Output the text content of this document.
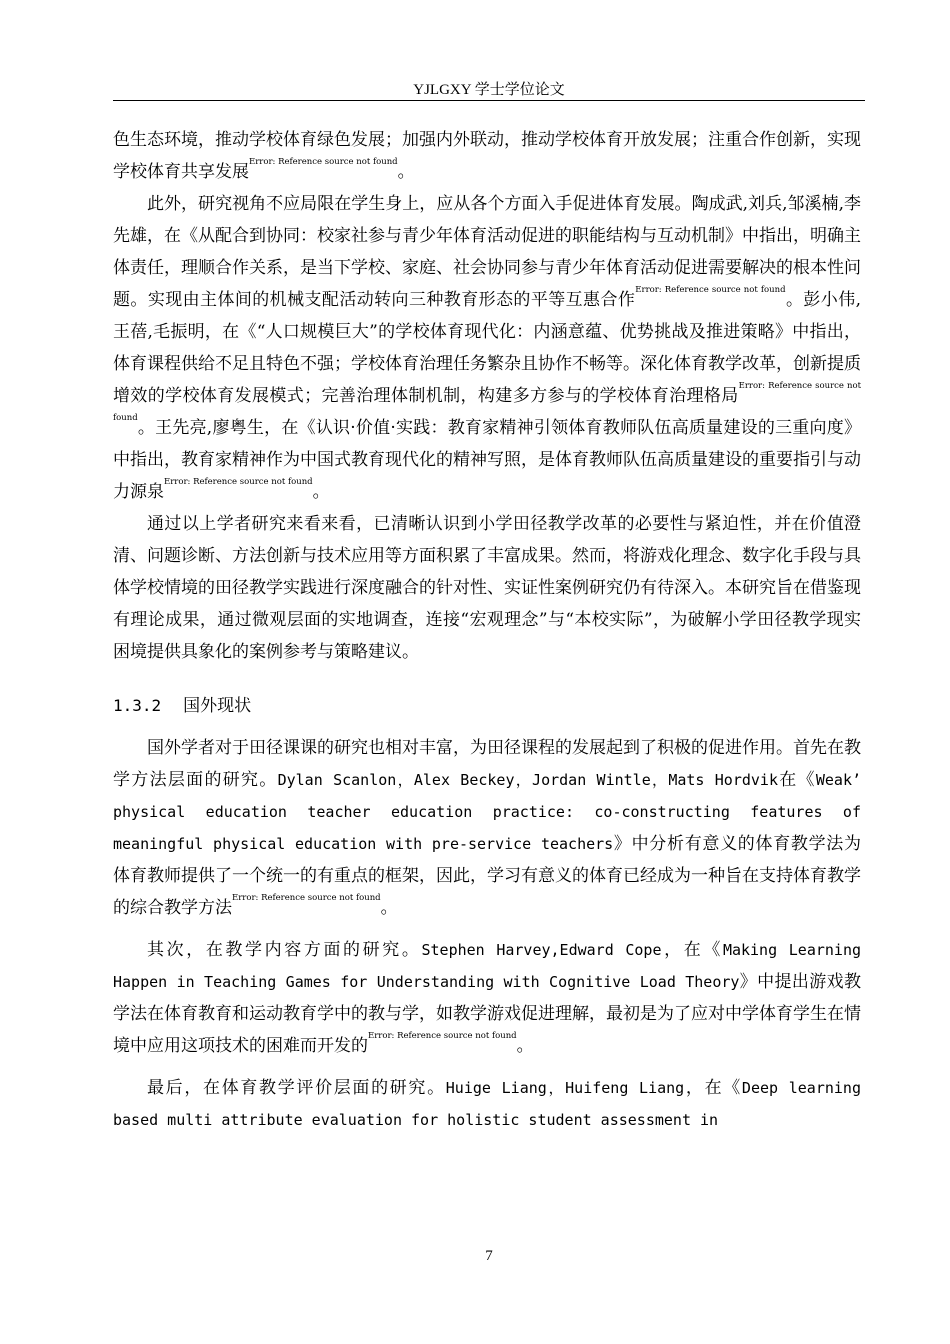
YJLGXY 学士学位论文

色生态环境，推动学校体育绿色发展；加强内外联动，推动学校体育开放发展；注重合作创新，实现学校体育共享发展$^{Error: Reference source not found}$。

此外，研究视角不应局限在学生身上，应从各个方面入手促进体育发展。陶成武,刘兵,邹溪楠,李先雄，在《从配合到协同：校家社参与青少年体育活动促进的职能结构与互动机制》中指出，明确主体责任，理顺合作关系，是当下学校、家庭、社会协同参与青少年体育活动促进需要解决的根本性问题。实现由主体间的机械支配活动转向三种教育形态的平等互惠合作$^{Error: Reference source not found}$。彭小伟,王蓓,毛振明，在《“人口规模巨大”的学校体育现代化：内涵意蕴、优势挑战及推进策略》中指出，体育课程供给不足且特色不强；学校体育治理任务繁杂且协作不畅等。深化体育教学改革，创新提质增效的学校体育发展模式；完善治理体制机制，构建多方参与的学校体育治理格局$^{Error: Reference source not found}$。王先亮,廖粤生，在《认识·价值·实践：教育家精神引领体育教师队伍高质量建设的三重向度》中指出，教育家精神作为中国式教育现代化的精神写照，是体育教师队伍高质量建设的重要指引与动力源泉$^{Error: Reference source not found}$。

通过以上学者研究来看来看，已清晰认识到小学田径教学改革的必要性与紧迫性，并在价值澄清、问题诊断、方法创新与技术应用等方面积累了丰富成果。然而，将游戏化理念、数字化手段与具体学校情境的田径教学实践进行深度融合的针对性、实证性案例研究仍有待深入。本研究旨在借鉴现有理论成果，通过微观层面的实地调查，连接“宏观理念”与“本校实际”，为破解小学田径教学现实困境提供具象化的案例参考与策略建议。

1.3.2 国外现状

国外学者对于田径课课的研究也相对丰富，为田径课程的发展起到了积极的促进作用。首先在教学方法层面的研究。Dylan Scanlon，Alex Beckey，Jordan Wintle，Mats Hordvik在《Weak’ physical education teacher education practice: co-constructing features of meaningful physical education with pre-service teachers》中分析有意义的体育教学法为体育教师提供了一个统一的有重点的框架，因此，学习有意义的体育已经成为一种旨在支持体育教学的综合教学方法$^{Error: Reference source not found}$。

其次，在教学内容方面的研究。Stephen Harvey,Edward Cope，在《Making Learning Happen in Teaching Games for Understanding with Cognitive Load Theory》中提出游戏教学法在体育教育和运动教育学中的教与学，如教学游戏促进理解，最初是为了应对中学体育学生在情境中应用这项技术的困难而开发的$^{Error: Reference source not found}$。

最后，在体育教学评价层面的研究。Huige Liang，Huifeng Liang，在《Deep learning based multi attribute evaluation for holistic student assessment in

7
